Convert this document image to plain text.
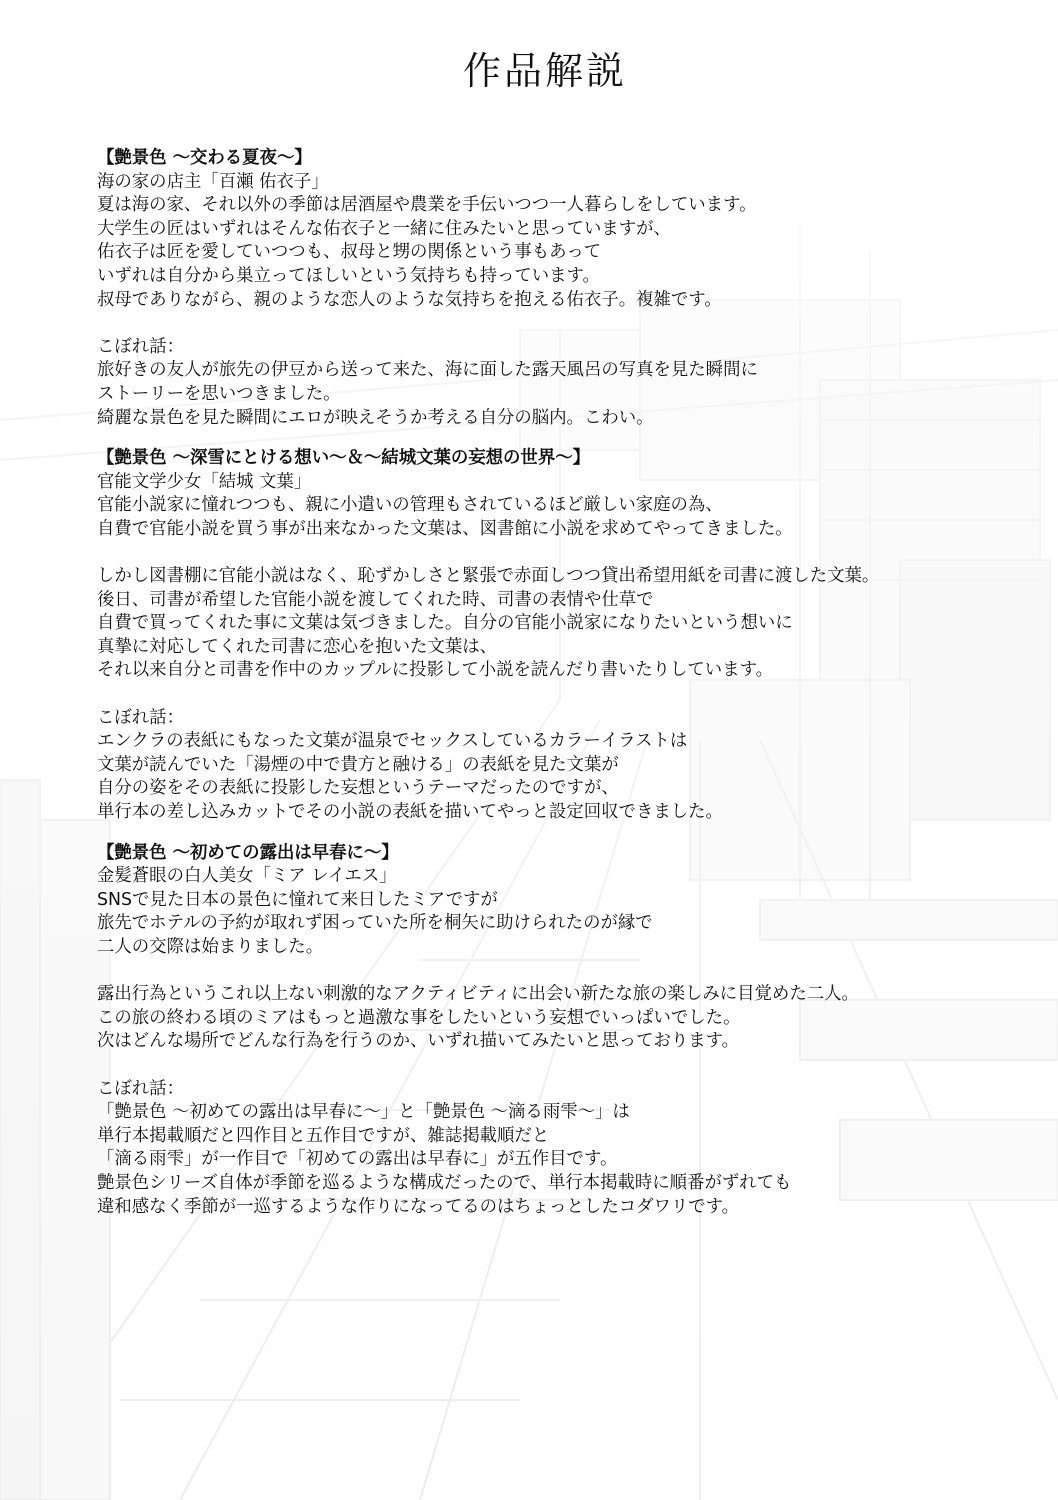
作品解説
【艶景色 ～交わる夏夜～】
海の家の店主「百瀬 佑衣子」
夏は海の家、それ以外の季節は居酒屋や農業を手伝いつつ一人暮らしをしています。
大学生の匠はいずれはそんな佑衣子と一緒に住みたいと思っていますが、
佑衣子は匠を愛していつつも、叔母と甥の関係という事もあって
いずれは自分から巣立ってほしいという気持ちも持っています。
叔母でありながら、親のような恋人のような気持ちを抱える佑衣子。複雑です。
こぼれ話：
旅好きの友人が旅先の伊豆から送って来た、海に面した露天風呂の写真を見た瞬間に
ストーリーを思いつきました。
綺麗な景色を見た瞬間にエロが映えそうか考える自分の脳内。こわい。
【艶景色 ～深雪にとける想い～＆～結城文葉の妄想の世界～】
官能文学少女「結城 文葉」
官能小説家に憧れつつも、親に小遣いの管理もされているほど厳しい家庭の為、
自費で官能小説を買う事が出来なかった文葉は、図書館に小説を求めてやってきました。
しかし図書棚に官能小説はなく、恥ずかしさと緊張で赤面しつつ貸出希望用紙を司書に渡した文葉。
後日、司書が希望した官能小説を渡してくれた時、司書の表情や仕草で
自費で買ってくれた事に文葉は気づきました。自分の官能小説家になりたいという想いに
真摯に対応してくれた司書に恋心を抱いた文葉は、
それ以来自分と司書を作中のカップルに投影して小説を読んだり書いたりしています。
こぼれ話：
エンクラの表紙にもなった文葉が温泉でセックスしているカラーイラストは
文葉が読んでいた「湯煙の中で貴方と融ける」の表紙を見た文葉が
自分の姿をその表紙に投影した妄想というテーマだったのですが、
単行本の差し込みカットでその小説の表紙を描いてやっと設定回収できました。
【艶景色 ～初めての露出は早春に～】
金髪蒼眼の白人美女「ミア レイエス」
SNSで見た日本の景色に憧れて来日したミアですが
旅先でホテルの予約が取れず困っていた所を桐矢に助けられたのが縁で
二人の交際は始まりました。
露出行為というこれ以上ない刺激的なアクティビティに出会い新たな旅の楽しみに目覚めた二人。
この旅の終わる頃のミアはもっと過激な事をしたいという妄想でいっぱいでした。
次はどんな場所でどんな行為を行うのか、いずれ描いてみたいと思っております。
こぼれ話：
「艶景色 ～初めての露出は早春に～」と「艶景色 ～滴る雨雫～」は
単行本掲載順だと四作目と五作目ですが、雑誌掲載順だと
「滴る雨雫」が一作目で「初めての露出は早春に」が五作目です。
艶景色シリーズ自体が季節を巡るような構成だったので、単行本掲載時に順番がずれても
違和感なく季節が一巡するような作りになってるのはちょっとしたコダワリです。
